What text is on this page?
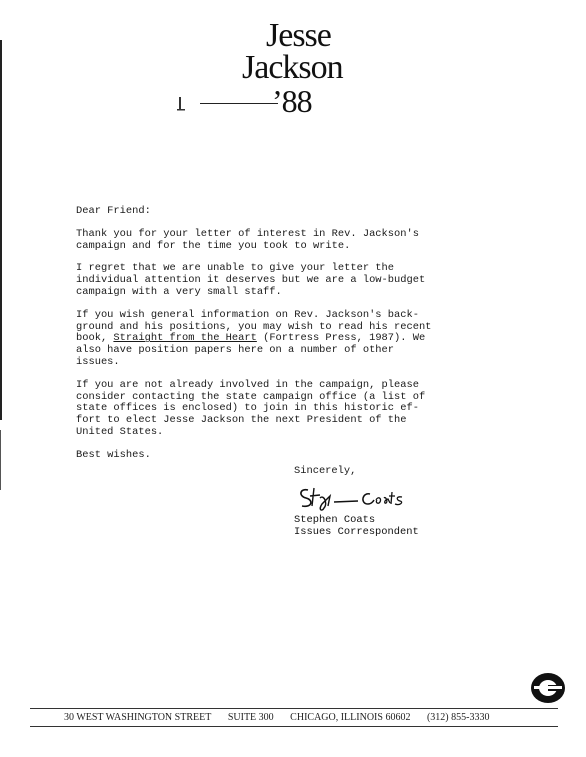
Jesse
Jackson
’88

Dear Friend:

Thank you for your letter of interest in Rev. Jackson's
campaign and for the time you took to write.

I regret that we are unable to give your letter the
individual attention it deserves but we are a low-budget
campaign with a very small staff.

If you wish general information on Rev. Jackson's back-
ground and his positions, you may wish to read his recent
book, Straight from the Heart (Fortress Press, 1987). We
also have position papers here on a number of other issues.

If you are not already involved in the campaign, please
consider contacting the state campaign office (a list of
state offices is enclosed) to join in this historic ef-
fort to elect Jesse Jackson the next President of the
United States.

Best wishes.

Sincerely,
Stephen Coats
Issues Correspondent
30 WEST WASHINGTON STREET SUITE 300 CHICAGO, ILLINOIS 60602 (312) 855-3330
